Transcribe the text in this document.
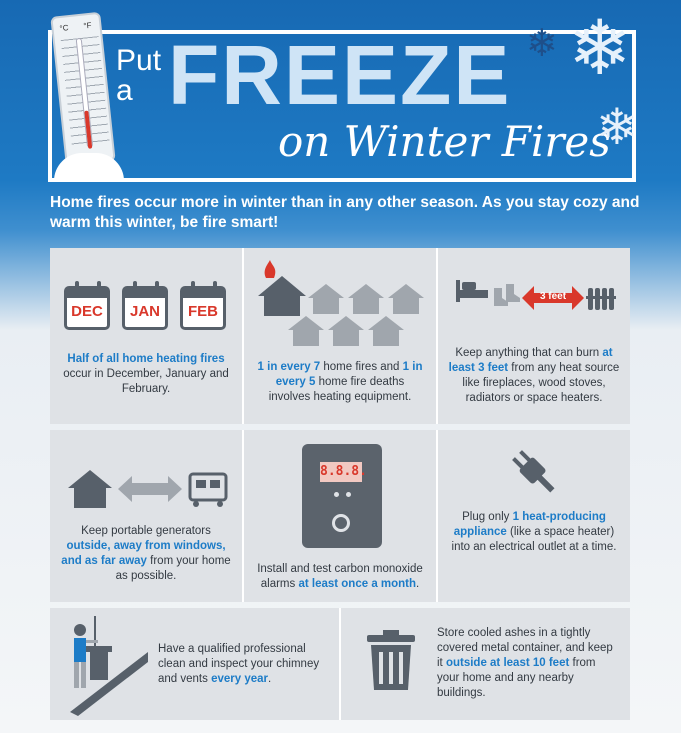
°C °F
Put
a FREEZE
on Winter Fires
❄
❄
❄
Home fires occur more in winter than in any other season. As you stay cozy and warm this winter, be fire smart!
DEC	JAN	FEB
Half of all home heating fires occur in December, January and February.
1 in every 7 home fires and 1 in every 5 home fire deaths involves heating equipment.
3 feet
Keep anything that can burn at least 3 feet from any heat source like fireplaces, wood stoves, radiators or space heaters.
Keep portable generators outside, away from windows, and as far away from your home as possible.
8.8.8.
Install and test carbon monoxide alarms at least once a month.
Plug only 1 heat-producing appliance (like a space heater) into an electrical outlet at a time.
Have a qualified professional clean and inspect your chimney and vents every year.
Store cooled ashes in a tightly covered metal container, and keep it outside at least 10 feet from your home and any nearby buildings.
